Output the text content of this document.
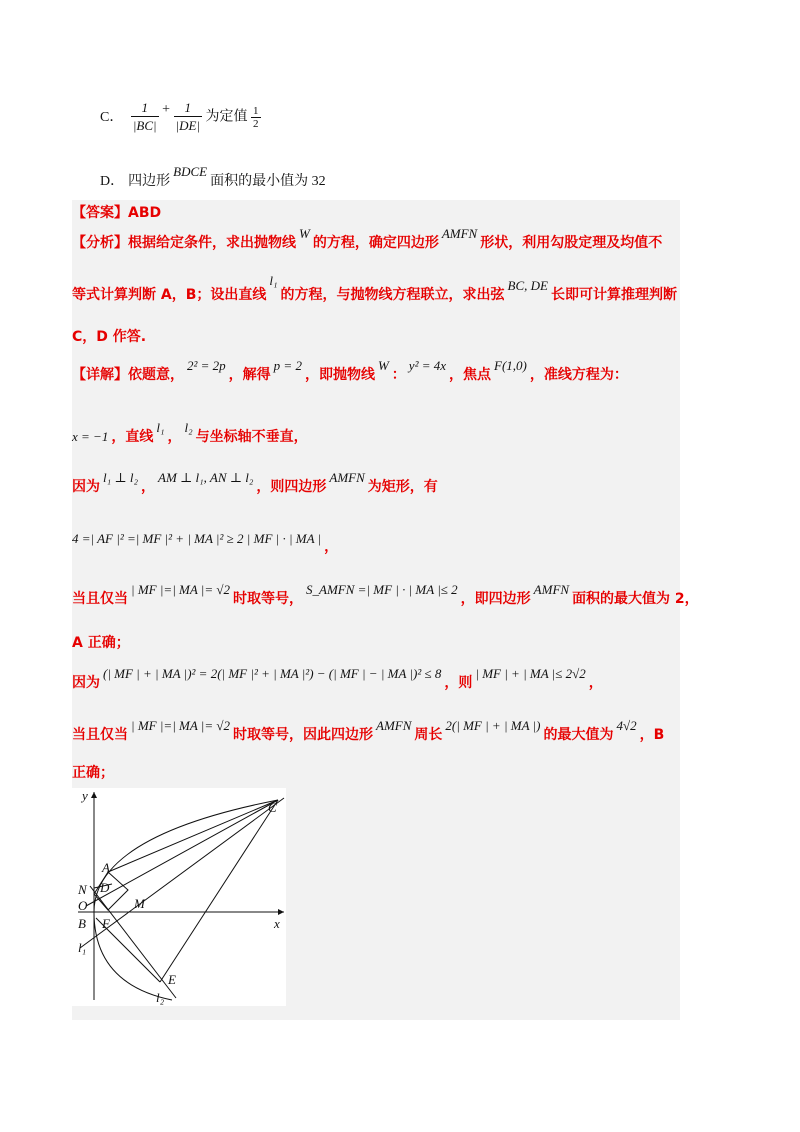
C． $\frac{1}{|BC|} + \frac{1}{|DE|}$ 为定值 $\frac{1}{2}$
D． 四边形BDCE面积的最小值为 32
【答案】ABD
【分析】根据给定条件，求出抛物线W的方程，确定四边形AMFN形状，利用勾股定理及均值不
等式计算判断 A，B；设出直线l₁的方程，与抛物线方程联立，求出弦BC, DE长即可计算推理判断
C，D 作答.
【详解】依题意，2² = 2p，解得p = 2，即抛物线W：y² = 4x，焦点F(1,0)，准线方程为：
x = −1 ，直线l₁，l₂与坐标轴不垂直，
因为l₁ ⊥ l₂，AM ⊥ l₁, AN ⊥ l₂，则四边形AMFN为矩形，有
4 =| AF |² =| MF |² + | MA |² ≥ 2 | MF | · | MA |，
当且仅当| MF |=| MA |= √2时取等号，S_AMFN =| MF | · | MA |≤ 2，即四边形AMFN面积的最大值为 2，
A 正确；
因为(| MF | + | MA |)² = 2(| MF |² + | MA |²) − (| MF | − | MA |)² ≤ 8，则| MF | + | MA |≤ 2√2，
当且仅当| MF |=| MA |= √2时取等号，因此四边形AMFN周长2(| MF | + | MA |)的最大值为4√2，B
正确；
y
x
C
A
N D
O	M
B F
E
l₁
l₂
